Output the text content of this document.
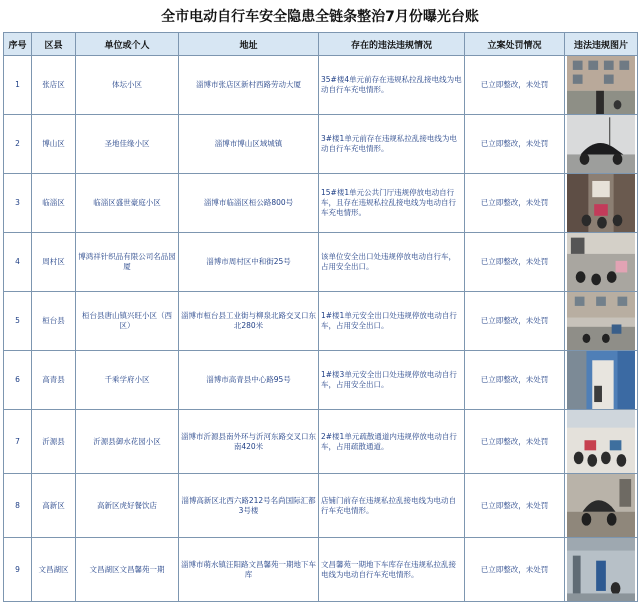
全市电动自行车安全隐患全链条整治7月份曝光台账
序号	区县	单位或个人	地址	存在的违法违规情况	立案处罚情况	违法违规图片
1	张店区	体坛小区	淄博市张店区新村西路劳动大厦	35#楼4单元前存在违规私拉乱接电线为电动自行车充电情形。	已立即整改，未处罚	

2	博山区	圣地佳缘小区	淄博市博山区域城镇	3#楼1单元前存在违规私拉乱接电线为电动自行车充电情形。	已立即整改，未处罚	

3	临淄区	临淄区盛世豪庭小区	淄博市临淄区桓公路800号	15#楼1单元公共门厅违规停放电动自行车，且存在违规私拉乱接电线为电动自行车充电情形。	已立即整改，未处罚	

4	周村区	博鸿祥针织品有限公司名品园厦	淄博市周村区中和街25号	该单位安全出口处违规停放电动自行车，占用安全出口。	已立即整改，未处罚	

5	桓台县	桓台县唐山镇兴旺小区（西区）	淄博市桓台县工业街与柳泉北路交叉口东北280米	1#楼1单元安全出口处违规停放电动自行车，占用安全出口。	已立即整改，未处罚	

6	高青县	千乘学府小区	淄博市高青县中心路95号	1#楼3单元安全出口处违规停放电动自行车，占用安全出口。	已立即整改，未处罚	

7	沂源县	沂源县御水花园小区	淄博市沂源县南外环与沂河东路交叉口东南420米	2#楼1单元疏散通道内违规停放电动自行车，占用疏散通道。	已立即整改，未处罚	

8	高新区	高新区虎好餐饮店	淄博高新区北西六路212号名尚国际汇都3号楼	店铺门前存在违规私拉乱接电线为电动自行车充电情形。	已立即整改，未处罚	

9	文昌湖区	文昌湖区文昌馨苑一期	淄博市萌水镇汪阳路文昌馨苑一期地下车库	文昌馨苑一期地下车库存在违规私拉乱接电线为电动自行车充电情形。	已立即整改，未处罚	
